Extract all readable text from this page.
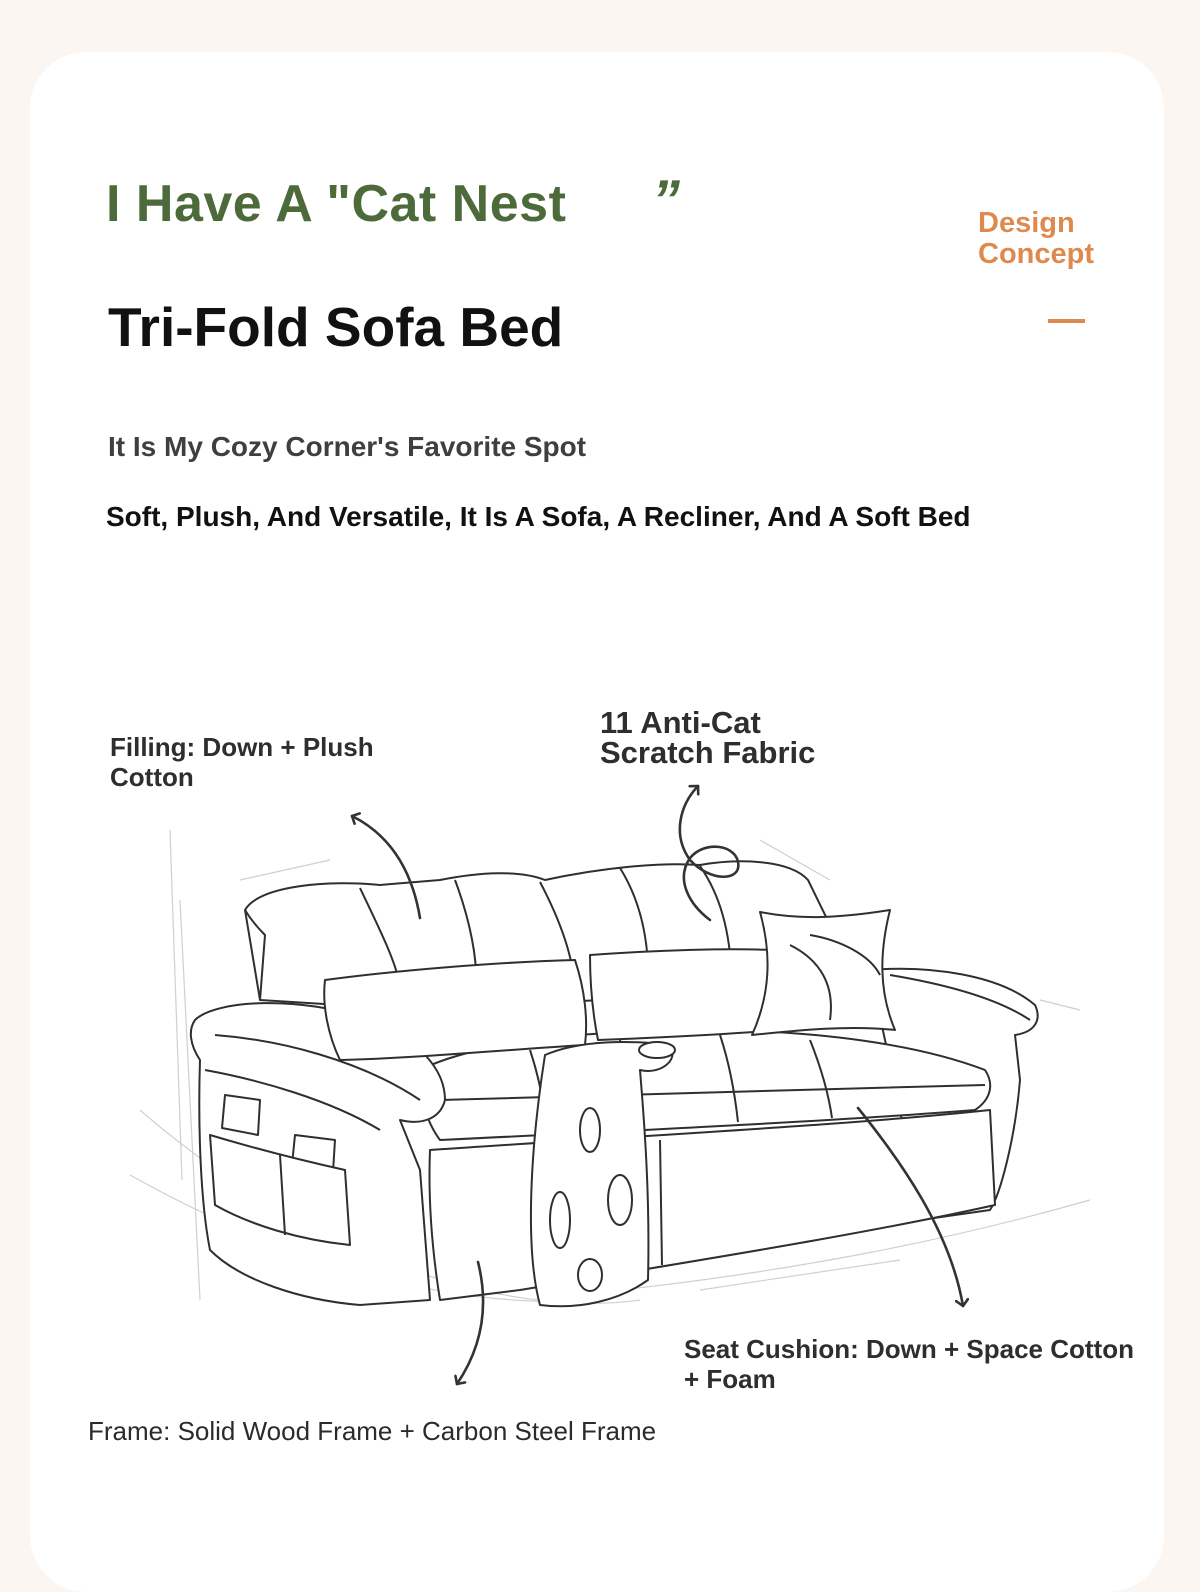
I Have A "Cat Nest	”
Tri-Fold Sofa Bed
Design Concept
It Is My Cozy Corner's Favorite Spot
Soft, Plush, And Versatile, It Is A Sofa, A Recliner, And A Soft Bed
Filling: Down + Plush Cotton
11 Anti-Cat Scratch Fabric
Seat Cushion: Down + Space Cotton + Foam
Frame: Solid Wood Frame + Carbon Steel Frame
